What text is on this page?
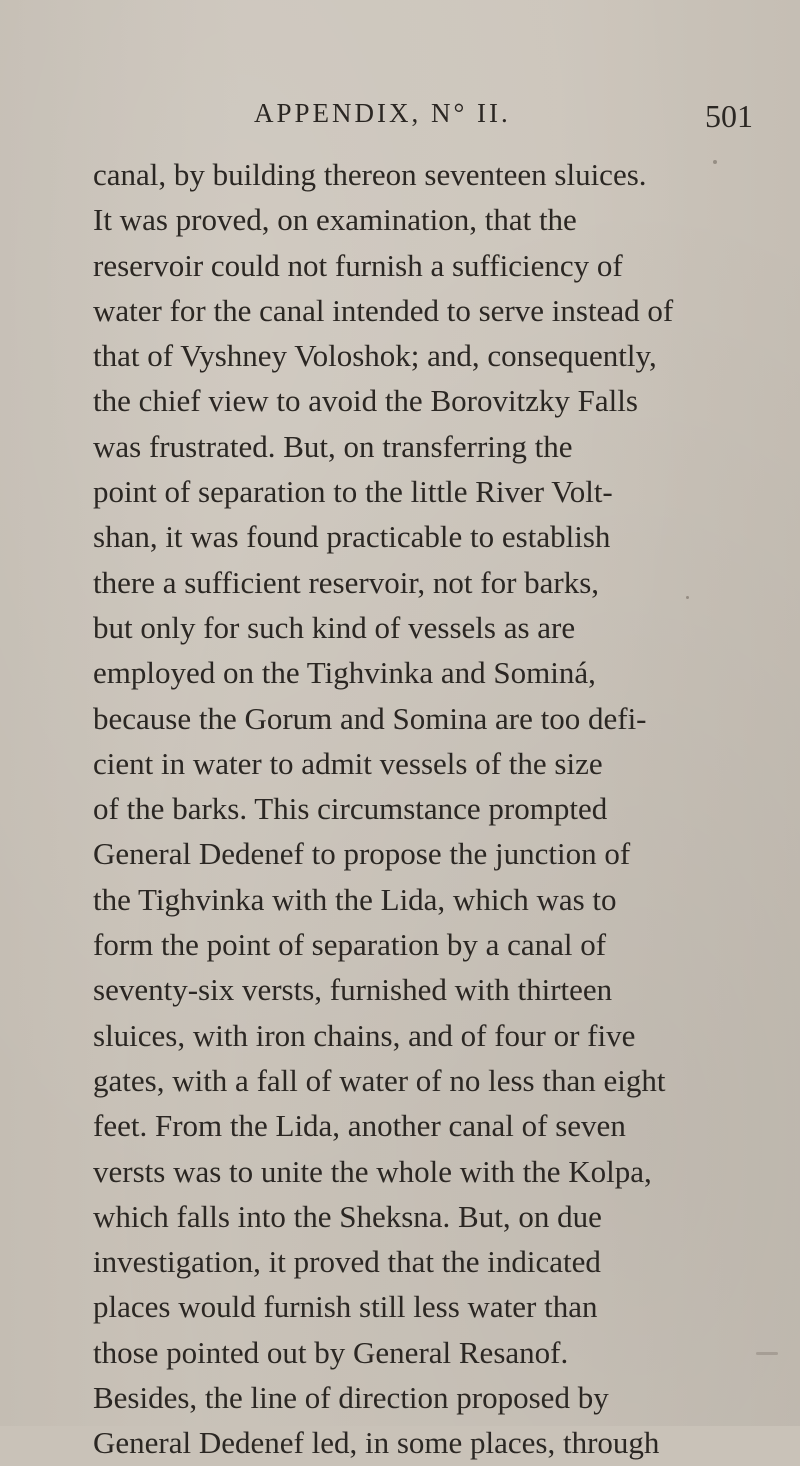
APPENDIX, N° II.	501
canal, by building thereon seventeen sluices.
It was proved, on examination, that the
reservoir could not furnish a sufficiency of
water for the canal intended to serve instead of
that of Vyshney Voloshok; and, consequently,
the chief view to avoid the Borovitzky Falls
was frustrated. But, on transferring the
point of separation to the little River Volt-
shan, it was found practicable to establish
there a sufficient reservoir, not for barks,
but only for such kind of vessels as are
employed on the Tighvinka and Sominá,
because the Gorum and Somina are too defi-
cient in water to admit vessels of the size
of the barks. This circumstance prompted
General Dedenef to propose the junction of
the Tighvinka with the Lida, which was to
form the point of separation by a canal of
seventy-six versts, furnished with thirteen
sluices, with iron chains, and of four or five
gates, with a fall of water of no less than eight
feet. From the Lida, another canal of seven
versts was to unite the whole with the Kolpa,
which falls into the Sheksna. But, on due
investigation, it proved that the indicated
places would furnish still less water than
those pointed out by General Resanof.
Besides, the line of direction proposed by
General Dedenef led, in some places, through
